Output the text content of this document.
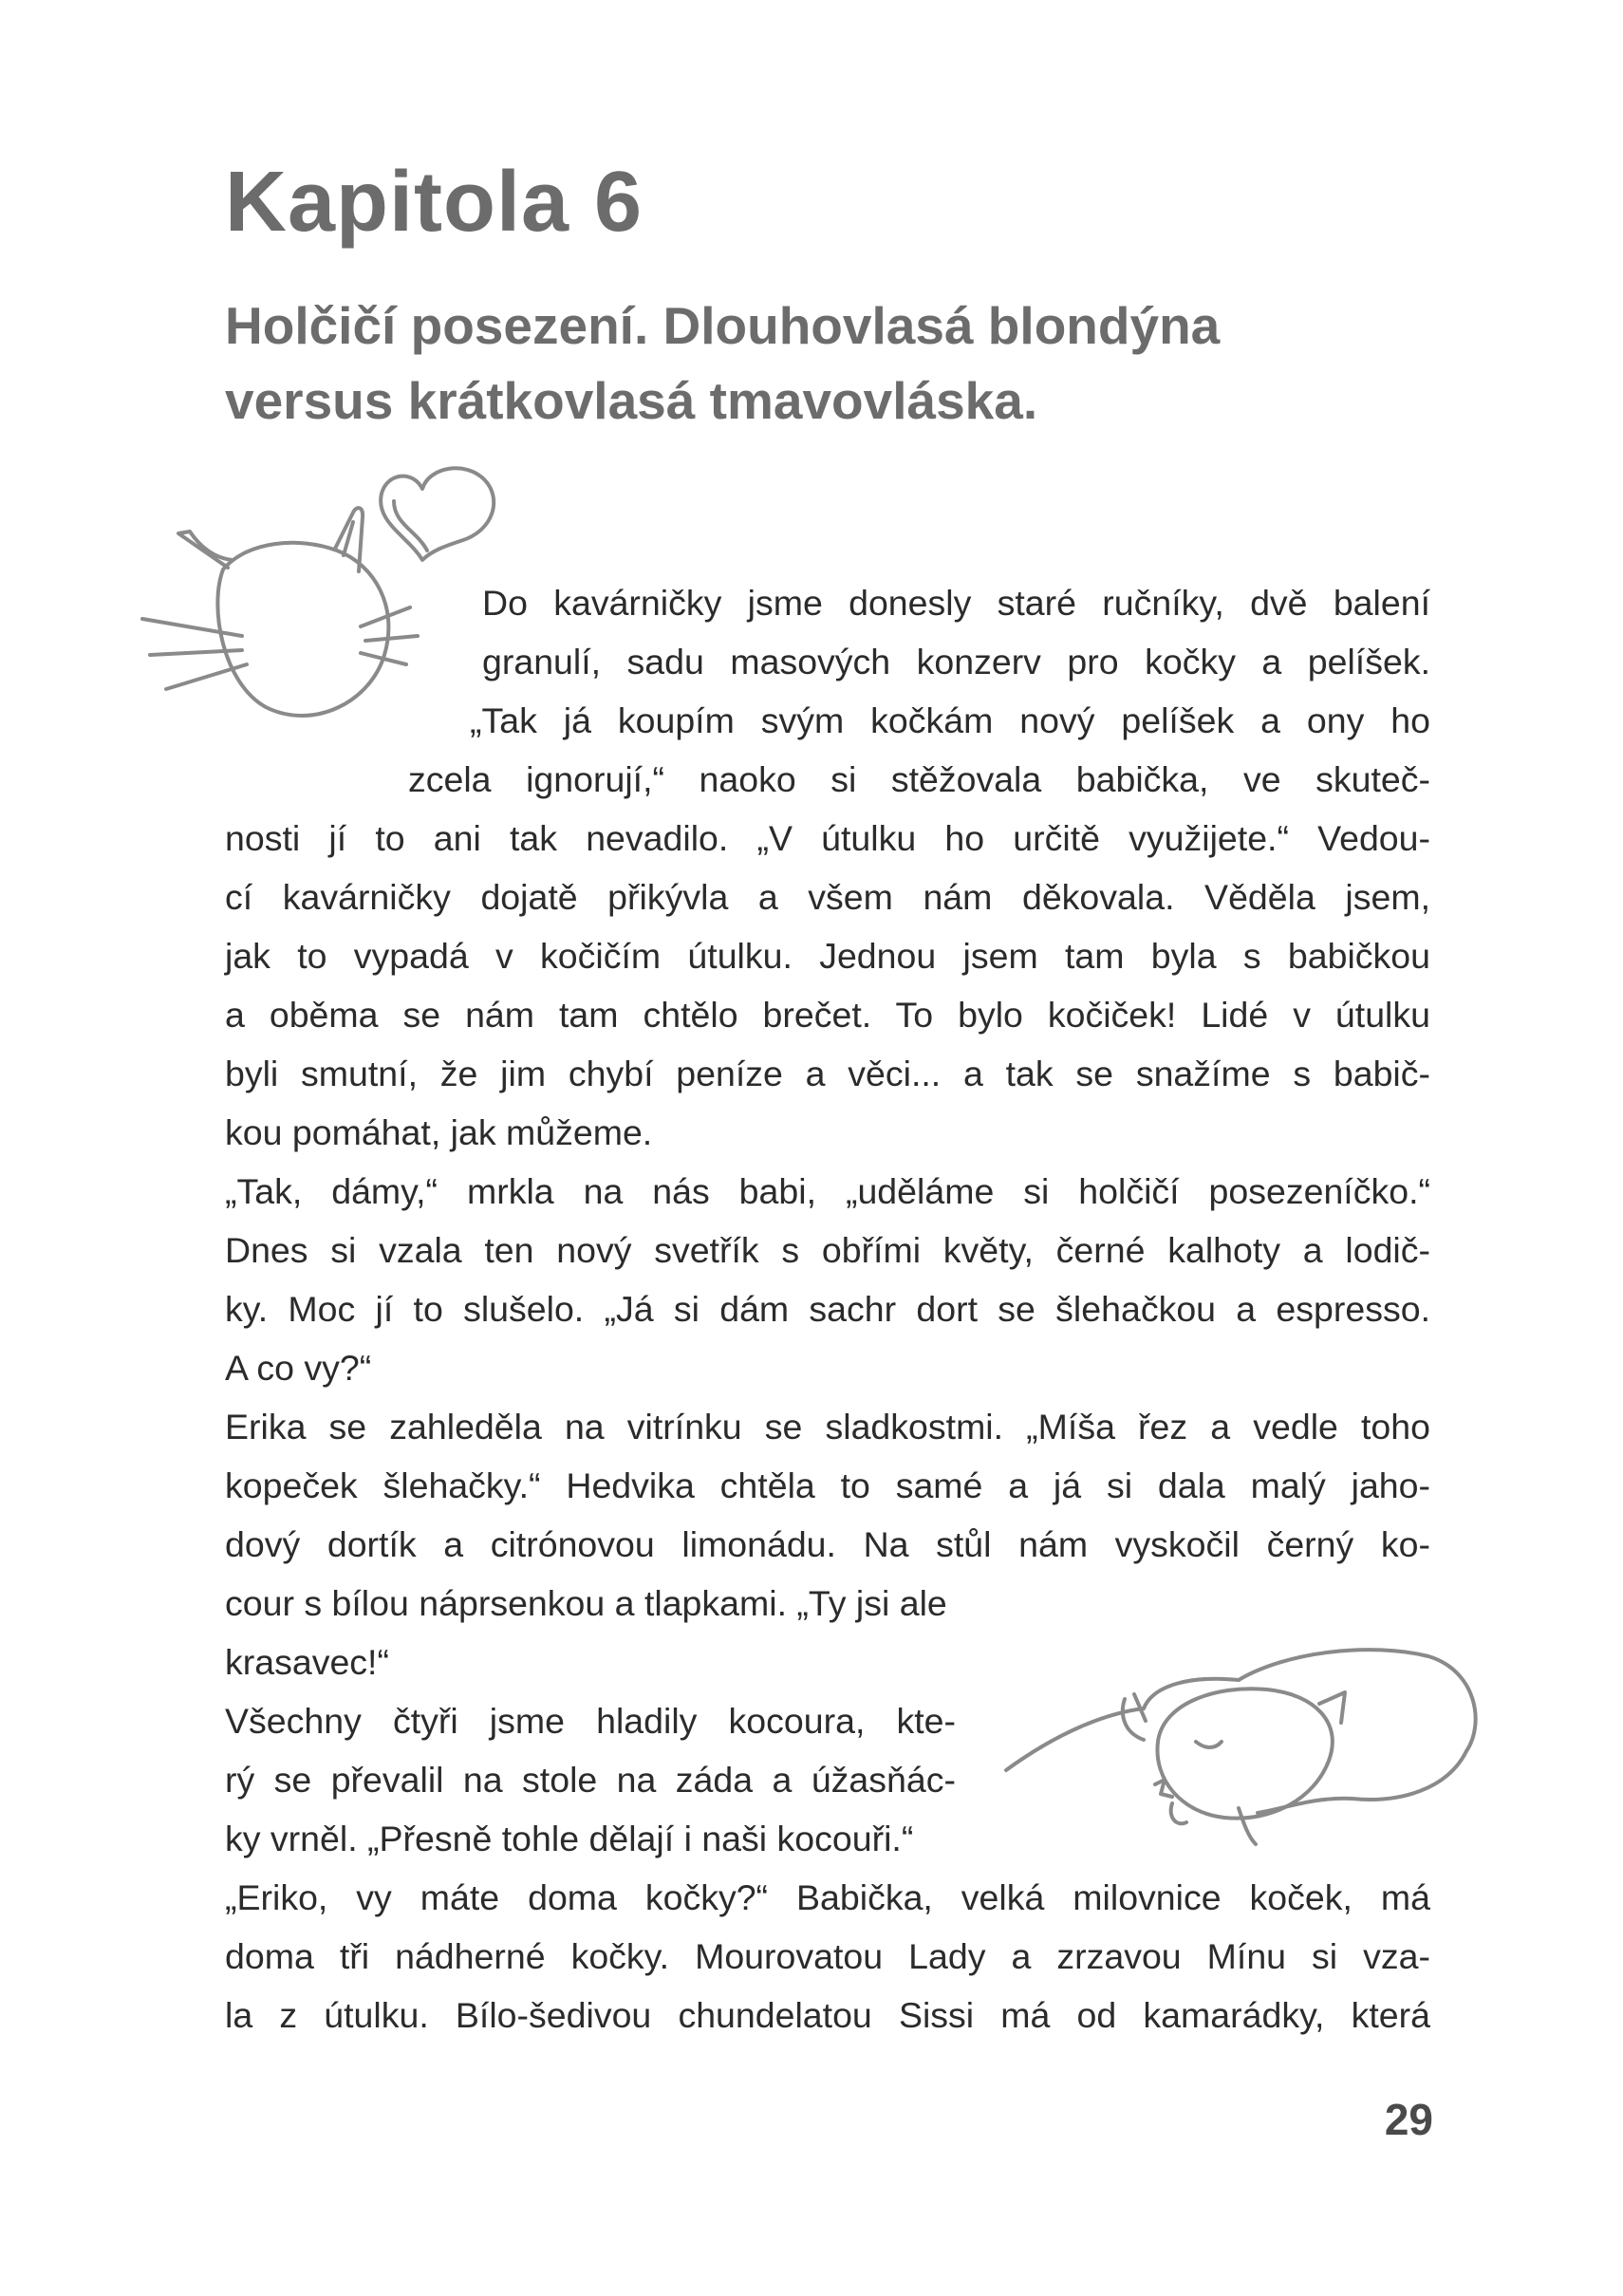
Kapitola 6
Holčičí posezení. Dlouhovlasá blondýna
versus krátkovlasá tmavovláska.
Do kavárničky jsme donesly staré ručníky, dvě balení
granulí, sadu masových konzerv pro kočky a pelíšek.
„Tak já koupím svým kočkám nový pelíšek a ony ho
zcela ignorují,“ naoko si stěžovala babička, ve skuteč-
nosti jí to ani tak nevadilo. „V útulku ho určitě využijete.“ Vedou-
cí kavárničky dojatě přikývla a všem nám děkovala. Věděla jsem,
jak to vypadá v kočičím útulku. Jednou jsem tam byla s babičkou
a oběma se nám tam chtělo brečet. To bylo kočiček! Lidé v útulku
byli smutní, že jim chybí peníze a věci... a tak se snažíme s babič-
kou pomáhat, jak můžeme.
„Tak, dámy,“ mrkla na nás babi, „uděláme si holčičí posezeníčko.“
Dnes si vzala ten nový svetřík s obřími květy, černé kalhoty a lodič-
ky. Moc jí to slušelo. „Já si dám sachr dort se šlehačkou a espresso.
A co vy?“
Erika se zahleděla na vitrínku se sladkostmi. „Míša řez a vedle toho
kopeček šlehačky.“ Hedvika chtěla to samé a já si dala malý jaho-
dový dortík a citrónovou limonádu. Na stůl nám vyskočil černý ko-
cour s bílou náprsenkou a tlapkami. „Ty jsi ale
krasavec!“
Všechny čtyři jsme hladily kocoura, kte-
rý se převalil na stole na záda a úžasňác-
ky vrněl. „Přesně tohle dělají i naši kocouři.“
„Eriko, vy máte doma kočky?“ Babička, velká milovnice koček, má
doma tři nádherné kočky. Mourovatou Lady a zrzavou Mínu si vza-
la z útulku. Bílo-šedivou chundelatou Sissi má od kamarádky, která
29
